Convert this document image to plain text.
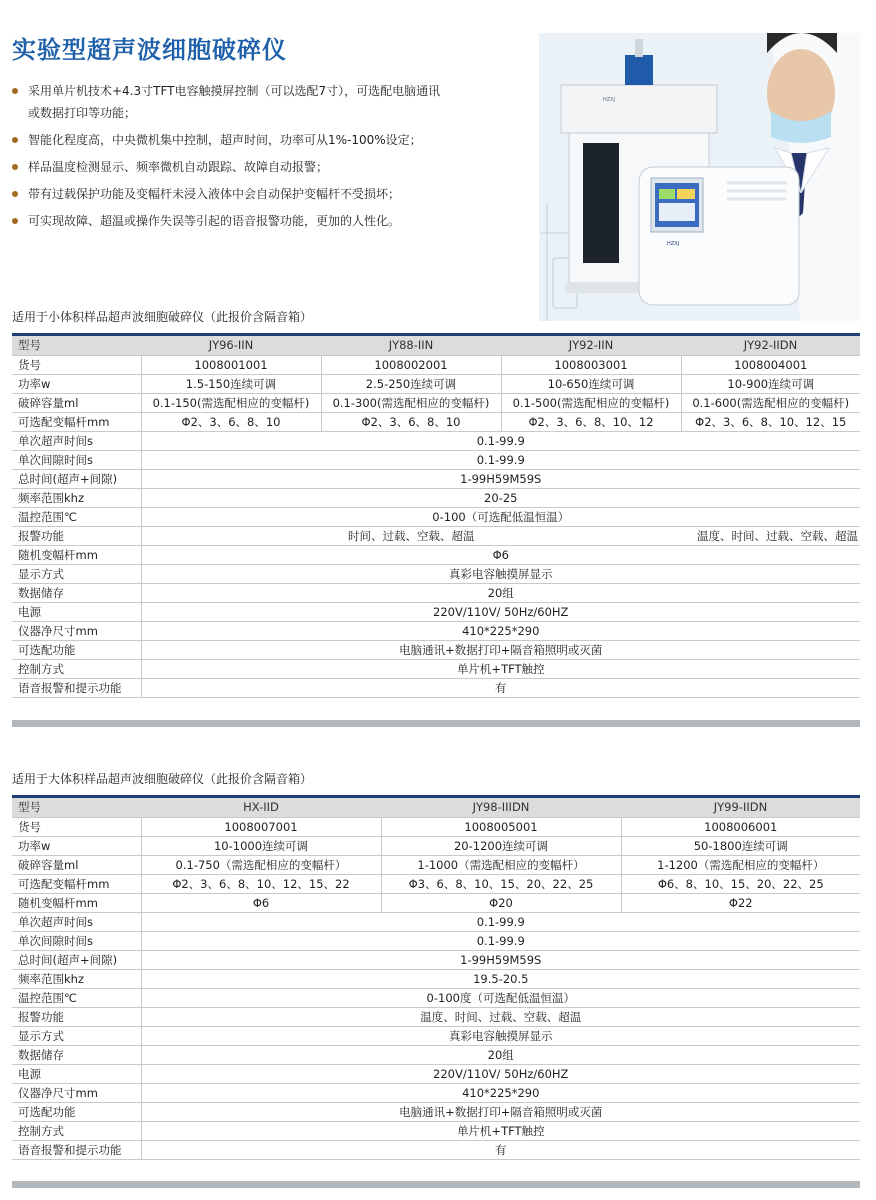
实验型超声波细胞破碎仪
采用单片机技术+4.3寸TFT电容触摸屏控制（可以选配7寸），可选配电脑通讯或数据打印等功能；
智能化程度高，中央微机集中控制，超声时间，功率可从1%-100%设定；
样品温度检测显示、频率微机自动跟踪、故障自动报警；
带有过载保护功能及变幅杆未浸入液体中会自动保护变幅杆不受损坏；
可实现故障、超温或操作失误等引起的语音报警功能，更加的人性化。
HZXJ
HZXJ
适用于小体积样品超声波细胞破碎仪（此报价含隔音箱）
型号	JY96-IIN	JY88-IIN	JY92-IIN	JY92-IIDN
货号	1008001001	1008002001	1008003001	1008004001
功率w	1.5-150连续可调	2.5-250连续可调	10-650连续可调	10-900连续可调
破碎容量ml	0.1-150(需选配相应的变幅杆)	0.1-300(需选配相应的变幅杆)	0.1-500(需选配相应的变幅杆)	0.1-600(需选配相应的变幅杆)
可选配变幅杆mm	Φ2、3、6、8、10	Φ2、3、6、8、10	Φ2、3、6、8、10、12	Φ2、3、6、8、10、12、15
单次超声时间s	0.1-99.9			
单次间隙时间s	0.1-99.9			
总时间(超声+间隙)	1-99H59M59S			
频率范围khz	20-25			
温控范围℃	0-100（可选配低温恒温）			
报警功能	时间、过载、空载、超温			温度、时间、过载、空载、超温
随机变幅杆mm	Φ6			
显示方式	真彩电容触摸屏显示			
数据储存	20组			
电源	220V/110V/ 50Hz/60HZ			
仪器净尺寸mm	410*225*290			
可选配功能	电脑通讯+数据打印+隔音箱照明或灭菌			
控制方式	单片机+TFT触控			
语音报警和提示功能	有			
适用于大体积样品超声波细胞破碎仪（此报价含隔音箱）
型号	HX-IID	JY98-IIIDN	JY99-IIDN
货号	1008007001	1008005001	1008006001
功率w	10-1000连续可调	20-1200连续可调	50-1800连续可调
破碎容量ml	0.1-750（需选配相应的变幅杆）	1-1000（需选配相应的变幅杆）	1-1200（需选配相应的变幅杆）
可选配变幅杆mm	Φ2、3、6、8、10、12、15、22	Φ3、6、8、10、15、20、22、25	Φ6、8、10、15、20、22、25
随机变幅杆mm	Φ6	Φ20	Φ22
单次超声时间s	0.1-99.9		
单次间隙时间s	0.1-99.9		
总时间(超声+间隙)	1-99H59M59S		
频率范围khz	19.5-20.5		
温控范围℃	0-100度（可选配低温恒温）		
报警功能	温度、时间、过载、空载、超温		
显示方式	真彩电容触摸屏显示		
数据储存	20组		
电源	220V/110V/ 50Hz/60HZ		
仪器净尺寸mm	410*225*290		
可选配功能	电脑通讯+数据打印+隔音箱照明或灭菌		
控制方式	单片机+TFT触控		
语音报警和提示功能	有		
